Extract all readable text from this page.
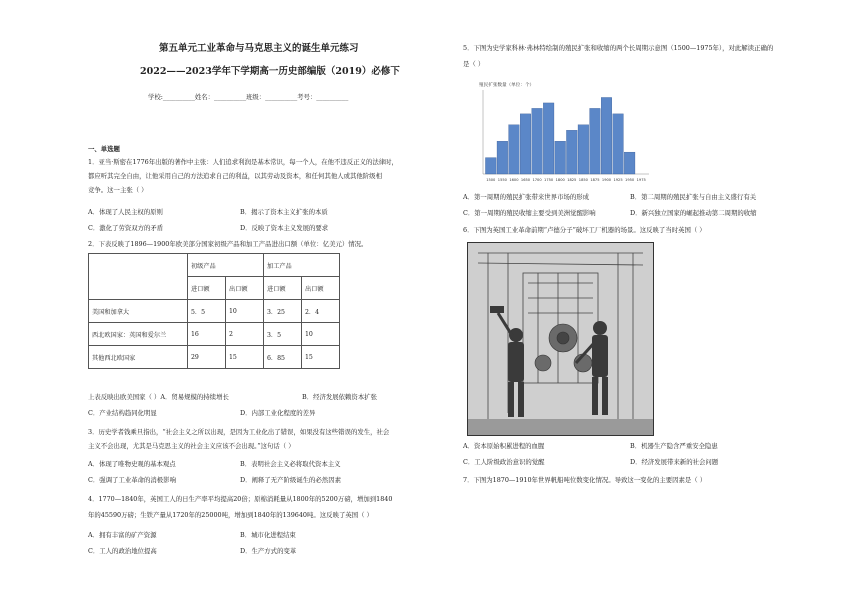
第五单元工业革命与马克思主义的诞生单元练习
2022——2023学年下学期高一历史部编版（2019）必修下
学校:__________姓名：__________班级：__________考号：__________
一、单选题
1．亚当·斯密在1776年出版的著作中主张：人们追求利润是基本常识，每一个人，在他不违反正义的法律时，
都应听其完全自由，让他采用自己的方法追求自己的利益，以其劳动及资本，和任何其他人或其他阶级相
竞争。这一主张（ ）
A．体现了人民主权的原则	B．揭示了资本主义扩张的本质
C．激化了劳资双方的矛盾	D．反映了资本主义发展的要求
2．下表反映了1896—1900年欧美部分国家初级产品和加工产品进出口额（单位：亿美元）情况。
	初级产品		加工产品	
	进口额	出口额	进口额	出口额
美国和加拿大	5．5	10	3．25	2．4
西北欧国家：英国和爱尔兰	16	2	3．5	10
其他西北欧国家	29	15	6．85	15
上表反映出欧美国家（ ）A．贸易规模的持续增长	B．经济发展依赖资本扩张
C．产业结构趋同化明显	D．内部工业化程度的差异
3．历史学者钱乘旦指出，“社会主义之所以出现，是因为工业化出了错误，如果没有这些错误的发生，社会
主义不会出现，尤其是马克思主义的社会主义应该不会出现。”这句话（ ）
A．体现了唯物史观的基本观点	B．表明社会主义必将取代资本主义
C．强调了工业革命的消极影响	D．阐释了无产阶级诞生的必然因素
4．1770—1840年，英国工人的日生产率平均提高20倍；原棉消耗量从1800年的5200万磅，增加到1840
年的45590万磅；生铁产量从1720年的25000吨，增加到1840年的139640吨。这反映了英国（ ）
A．拥有丰富的矿产资源	B．城市化进程结束
C．工人的政治地位提高	D．生产方式的变革
5．下图为史学家科林·弗林特绘制的殖民扩张和收缩的两个长周期示意图（1500—1975年），对此解读正确的
是（ ）
殖民扩张数量（单位：个）
1500 1550 1600 1650 1700 1750 1800 1825 1850 1875 1900 1925 1950 1975
A．第一周期的殖民扩张带来世界市场的形成	B．第二周期的殖民扩张与自由主义盛行有关
C．第一周期的殖民收缩主要受到美洲觉醒影响	D．新兴独立国家的崛起推动第二周期的收缩
6．下图为英国工业革命前期“卢德分子”破坏工厂机器的场景。这反映了当时英国（ ）
A．资本原始积累进程的血腥	B．机器生产隐含严重安全隐患
C．工人阶级政治意识的觉醒	D．经济发展带来新的社会问题
7．下图为1870—1910年世界帆船吨位数变化情况。导致这一变化的主要因素是（ ）
